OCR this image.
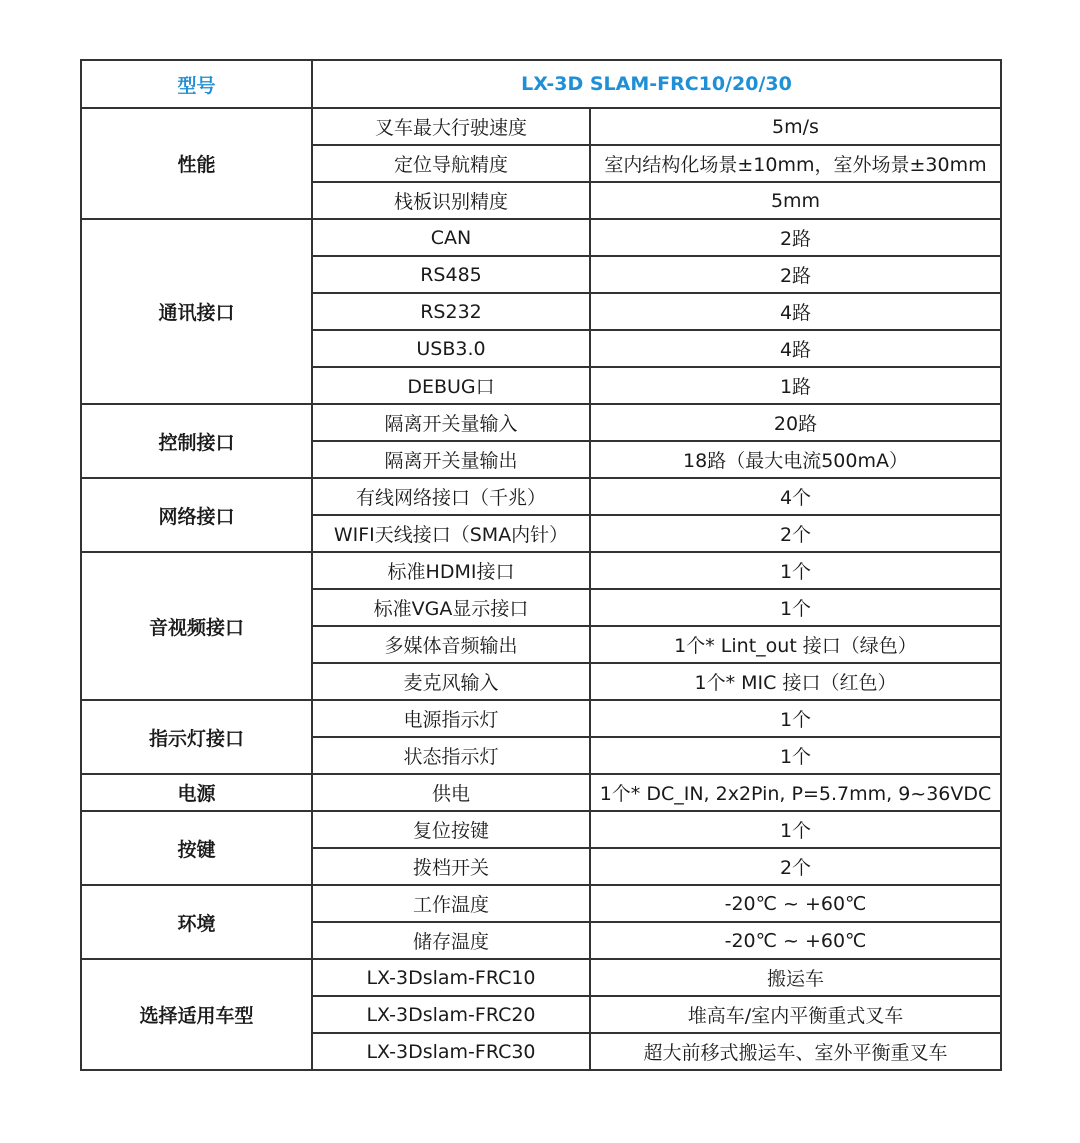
型号	LX-3D SLAM-FRC10/20/30	
性能	叉车最大行驶速度	5m/s
	定位导航精度	室内结构化场景±10mm，室外场景±30mm
	栈板识别精度	5mm
通讯接口	CAN	2路
	RS485	2路
	RS232	4路
	USB3.0	4路
	DEBUG口	1路
控制接口	隔离开关量输入	20路
	隔离开关量输出	18路（最大电流500mA）
网络接口	有线网络接口（千兆）	4个
	WIFI天线接口（SMA内针）	2个
音视频接口	标准HDMI接口	1个
	标准VGA显示接口	1个
	多媒体音频输出	1个* Lint_out 接口（绿色）
	麦克风输入	1个* MIC 接口（红色）
指示灯接口	电源指示灯	1个
	状态指示灯	1个
电源	供电	1个* DC_IN, 2x2Pin, P=5.7mm, 9~36VDC
按键	复位按键	1个
	拨档开关	2个
环境	工作温度	-20℃ ~ +60℃
	储存温度	-20℃ ~ +60℃
选择适用车型	LX-3Dslam-FRC10	搬运车
	LX-3Dslam-FRC20	堆高车/室内平衡重式叉车
	LX-3Dslam-FRC30	超大前移式搬运车、室外平衡重叉车
